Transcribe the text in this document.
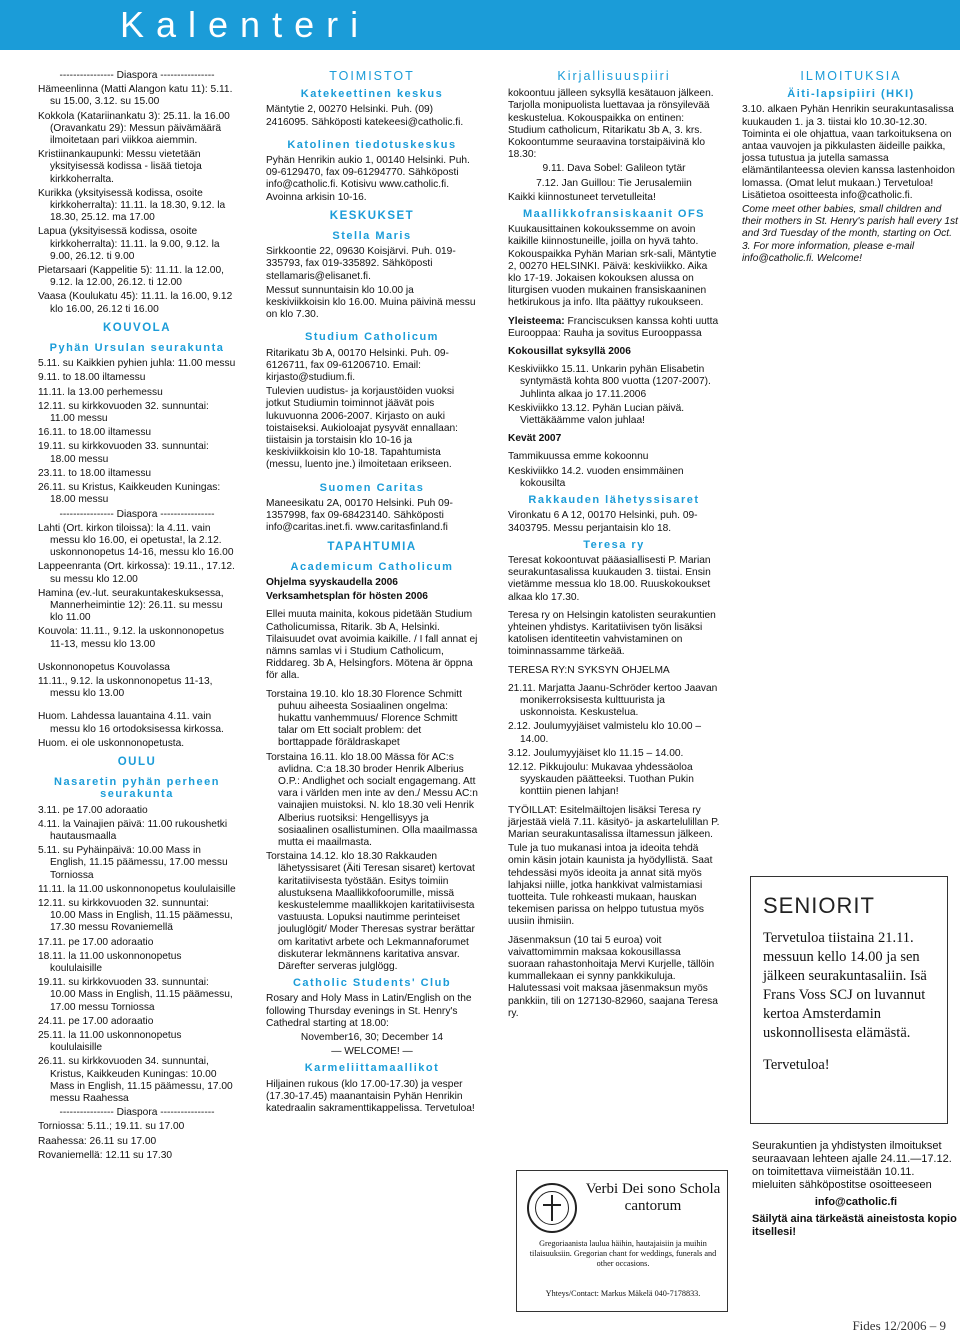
Kalenteri

---------------- Diaspora ----------------

Hämeenlinna (Matti Alangon katu 11): 5.11. su 15.00, 3.12. su 15.00

Kokkola (Katariinankatu 3): 25.11. la 16.00 (Oravankatu 29): Messun päivämäärä ilmoitetaan pari viikkoa aiemmin.

Kristiinankaupunki: Messu vietetään yksityisessä kodissa - lisää tietoja kirkkoherralta.

Kurikka (yksityisessä kodissa, osoite kirkkoherralta): 11.11. la 18.30, 9.12. la 18.30, 25.12. ma 17.00

Lapua (yksityisessä kodissa, osoite kirkkoherralta): 11.11. la 9.00, 9.12. la 9.00, 26.12. ti 9.00

Pietarsaari (Kappelitie 5): 11.11. la 12.00, 9.12. la 12.00, 26.12. ti 12.00

Vaasa (Koulukatu 45): 11.11. la 16.00, 9.12 klo 16.00, 26.12 ti 16.00

KOUVOLA
Pyhän Ursulan seurakunta

5.11. su Kaikkien pyhien juhla: 11.00 messu

9.11. to 18.00 iltamessu

11.11. la 13.00 perhemessu

12.11. su kirkkovuoden 32. sunnuntai: 11.00 messu

16.11. to 18.00 iltamessu

19.11. su kirkkovuoden 33. sunnuntai: 18.00 messu

23.11. to 18.00 iltamessu

26.11. su Kristus, Kaikkeuden Kuningas: 18.00 messu

---------------- Diaspora ----------------

Lahti (Ort. kirkon tiloissa): la 4.11. vain messu klo 16.00, ei opetusta!, la 2.12. uskonnonopetus 14-16, messu klo 16.00

Lappeenranta (Ort. kirkossa): 19.11., 17.12. su messu klo 12.00

Hamina (ev.-lut. seurakuntakeskuksessa, Mannerheimintie 12): 26.11. su messu klo 11.00

Kouvola: 11.11., 9.12. la uskonnonopetus 11-13, messu klo 13.00

Uskonnonopetus Kouvolassa

11.11., 9.12. la uskonnonopetus 11-13, messu klo 13.00

Huom. Lahdessa lauantaina 4.11. vain messu klo 16 ortodoksisessa kirkossa.

Huom. ei ole uskonnonopetusta.

OULU
Nasaretin pyhän perheen seurakunta

3.11. pe 17.00 adoraatio

4.11. la Vainajien päivä: 11.00 rukoushetki hautausmaalla

5.11. su Pyhäinpäivä: 10.00 Mass in English, 11.15 päämessu, 17.00 messu Torniossa

11.11. la 11.00 uskonnonopetus koululaisille

12.11. su kirkkovuoden 32. sunnuntai: 10.00 Mass in English, 11.15 päämessu, 17.30 messu Rovaniemellä

17.11. pe 17.00 adoraatio

18.11. la 11.00 uskonnonopetus koululaisille

19.11. su kirkkovuoden 33. sunnuntai: 10.00 Mass in English, 11.15 päämessu, 17.00 messu Torniossa

24.11. pe 17.00 adoraatio

25.11. la 11.00 uskonnonopetus koululaisille

26.11. su kirkkovuoden 34. sunnuntai, Kristus, Kaikkeuden Kuningas: 10.00 Mass in English, 11.15 päämessu, 17.00 messu Raahessa

---------------- Diaspora ----------------

Torniossa: 5.11.; 19.11. su 17.00

Raahessa: 26.11 su 17.00

Rovaniemellä: 12.11 su 17.30

TOIMISTOT
Katekeettinen keskus

Mäntytie 2, 00270 Helsinki. Puh. (09) 2416095. Sähköposti katekeesi@catholic.fi.

Katolinen tiedotuskeskus

Pyhän Henrikin aukio 1, 00140 Helsinki. Puh. 09-6129470, fax 09-61294770. Sähköposti info@catholic.fi. Kotisivu www.catholic.fi. Avoinna arkisin 10-16.

KESKUKSET
Stella Maris

Sirkkoontie 22, 09630 Koisjärvi. Puh. 019-335793, fax 019-335892. Sähköposti stellamaris@elisanet.fi.

Messut sunnuntaisin klo 10.00 ja keskiviikkoisin klo 16.00. Muina päivinä messu on klo 7.30.

Studium Catholicum

Ritarikatu 3b A, 00170 Helsinki. Puh. 09-6126711, fax 09-61206710. Email: kirjasto@studium.fi.

Tulevien uudistus- ja korjaustöiden vuoksi jotkut Studiumin toiminnot jäävät pois lukuvuonna 2006-2007. Kirjasto on auki toistaiseksi. Aukioloajat pysyvät ennallaan: tiistaisin ja torstaisin klo 10-16 ja keskiviikkoisin klo 10-18. Tapahtumista (messu, luento jne.) ilmoitetaan erikseen.

Suomen Caritas

Maneesikatu 2A, 00170 Helsinki. Puh 09-1357998, fax 09-68423140. Sähköposti info@caritas.inet.fi. www.caritasfinland.fi

TAPAHTUMIA
Academicum Catholicum

Ohjelma syyskaudella 2006

Verksamhetsplan för hösten 2006

Ellei muuta mainita, kokous pidetään Studium Catholicumissa, Ritarik. 3b A, Helsinki. Tilaisuudet ovat avoimia kaikille. / I fall annat ej nämns samlas vi i Studium Catholicum, Riddareg. 3b A, Helsingfors. Mötena är öppna för alla.

Torstaina 19.10. klo 18.30 Florence Schmitt puhuu aiheesta Sosiaalinen ongelma: hukattu vanhemmuus/ Florence Schmitt talar om Ett socialt problem: det borttappade föräldraskapet

Torstaina 16.11. klo 18.00 Mässa för AC:s avlidna. C:a 18.30 broder Henrik Alberius O.P.: Andlighet och socialt engagemang. Att vara i världen men inte av den./ Messu AC:n vainajien muistoksi. N. klo 18.30 veli Henrik Alberius ruotsiksi: Hengellisyys ja sosiaalinen osallistuminen. Olla maailmassa mutta ei maailmasta.

Torstaina 14.12. klo 18.30 Rakkauden lähetyssisaret (Äiti Teresan sisaret) kertovat karitatiivisesta työstään. Esitys toimiin alustuksena Maallikkofoorumille, missä keskustelemme maallikkojen karitatiivisesta vastuusta. Lopuksi nautimme perinteiset jouluglögit/ Moder Theresas systrar berättar om karitativt arbete och Lekmannaforumet diskuterar lekmännens karitativa ansvar. Därefter serveras julglögg.

Catholic Students' Club

Rosary and Holy Mass in Latin/English on the following Thursday evenings in St. Henry's Cathedral starting at 18.00:

November16, 30; December 14

— WELCOME! —

Karmeliittamaallikot

Hiljainen rukous (klo 17.00-17.30) ja vesper (17.30-17.45) maanantaisin Pyhän Henrikin katedraalin sakramenttikappelissa. Tervetuloa!

Kirjallisuuspiiri

kokoontuu jälleen syksyllä kesätauon jälkeen. Tarjolla monipuolista luettavaa ja rönsyilevää keskustelua. Kokouspaikka on entinen: Studium catholicum, Ritarikatu 3b A, 3. krs. Kokoontumme seuraavina torstaipäivinä klo 18.30:

9.11. Dava Sobel: Galileon tytär

7.12. Jan Guillou: Tie Jerusalemiin

Kaikki kiinnostuneet tervetulleita!

Maallikkofransiskaanit OFS

Kuukausittainen kokoukssemme on avoin kaikille kiinnostuneille, joilla on hyvä tahto. Kokouspaikka Pyhän Marian srk-sali, Mäntytie 2, 00270 HELSINKI. Päivä: keskiviikko. Aika klo 17-19. Jokaisen kokouksen alussa on liturgisen vuoden mukainen fransiskaaninen hetkirukous ja info. Ilta päättyy rukoukseen.

Yleisteema: Franciscuksen kanssa kohti uutta Eurooppaa: Rauha ja sovitus Eurooppassa

Kokousillat syksyllä 2006

Keskiviikko 15.11. Unkarin pyhän Elisabetin syntymästä kohta 800 vuotta (1207-2007). Juhlinta alkaa jo 17.11.2006

Keskiviikko 13.12. Pyhän Lucian päivä. Viettäkäämme valon juhlaa!

Kevät 2007

Tammikuussa emme kokoonnu

Keskiviikko 14.2. vuoden ensimmäinen kokousilta

Rakkauden lähetyssisaret

Vironkatu 6 A 12, 00170 Helsinki, puh. 09-3403795. Messu perjantaisin klo 18.

Teresa ry

Teresat kokoontuvat pääasiallisesti P. Marian seurakuntasalissa kuukauden 3. tiistai. Ensin vietämme messua klo 18.00. Ruuskokoukset alkaa klo 17.30.

Teresa ry on Helsingin katolisten seurakuntien yhteinen yhdistys. Karitatiivisen työn lisäksi katolisen identiteetin vahvistaminen on toiminnassamme tärkeää.

TERESA RY:N SYKSYN OHJELMA

21.11. Marjatta Jaanu-Schröder kertoo Jaavan monikerroksisesta kulttuurista ja uskonnoista. Keskustelua.

2.12. Joulumyyjäiset valmistelu klo 10.00 – 14.00.

3.12. Joulumyyjäiset klo 11.15 – 14.00.

12.12. Pikkujoulu: Mukavaa yhdessäoloa syyskauden päätteeksi. Tuothan Pukin konttiin pienen lahjan!

TYÖILLAT: Esitelmäiltojen lisäksi Teresa ry järjestää vielä 7.11. käsityö- ja askartelulillan P. Marian seurakuntasalissa iltamessun jälkeen.

Tule ja tuo mukanasi intoa ja ideoita tehdä omin käsin jotain kaunista ja hyödyllistä. Saat tehdessäsi myös ideoita ja annat sitä myös lahjaksi niille, jotka hankkivat valmistamiasi tuotteita. Tule rohkeasti mukaan, hauskan tekemisen parissa on helppo tutustua myös uusiin ihmisiin.

Jäsenmaksun (10 tai 5 euroa) voit vaivattomimmin maksaa kokousillassa suoraan rahastonhoitaja Mervi Kurjelle, tällöin kummallekaan ei synny pankkikuluja. Halutessasi voit maksaa jäsenmaksun myös pankkiin, tili on 127130-82960, saajana Teresa ry.

ILMOITUKSIA
Äiti-lapsipiiri (HKI)

3.10. alkaen Pyhän Henrikin seurakuntasalissa kuukauden 1. ja 3. tiistai klo 10.30-12.30. Toiminta ei ole ohjattua, vaan tarkoituksena on antaa vauvojen ja pikkulasten äideille paikka, jossa tutustua ja jutella samassa elämäntilanteessa olevien kanssa lastenhoidon lomassa. (Omat lelut mukaan.) Tervetuloa! Lisätietoa osoitteesta info@catholic.fi.

Come meet other babies, small children and their mothers in St. Henry's parish hall every 1st and 3rd Tuesday of the month, starting on Oct. 3. For more information, please e-mail info@catholic.fi. Welcome!

SENIORIT
Tervetuloa tiistaina 21.11. messuun kello 14.00 ja sen jälkeen seurakuntasaliin. Isä Frans Voss SCJ on luvannut kertoa Amsterdamin uskonnollisesta elämästä.
Tervetuloa!

Seurakuntien ja yhdistysten ilmoitukset seuraavaan lehteen ajalle 24.11.—17.12. on toimitettava viimeistään 10.11. mieluiten sähköpostitse osoitteeseen

info@catholic.fi

Säilytä aina tärkeästä aineistosta kopio itsellesi!

Verbi Dei sono Schola cantorum
Gregoriaanista laulua häihin, hautajaisiin ja muihin tilaisuuksiin. Gregorian chant for weddings, funerals and other occasions.
Yhteys/Contact: Markus Mäkelä 040-7178833.
Fides 12/2006 – 9
